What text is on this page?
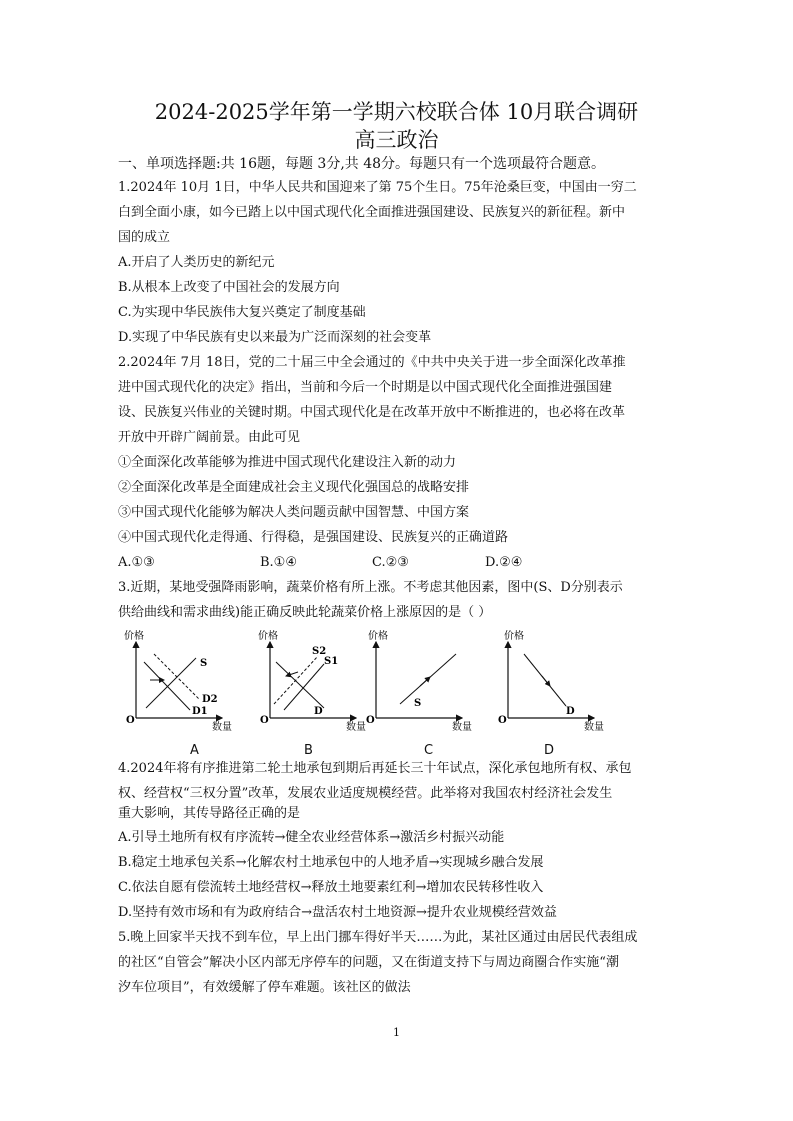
2024-2025学年第一学期六校联合体 10月联合调研
高三政治
一、单项选择题:共 16题，每题 3分,共 48分。每题只有一个选项最符合题意。
1.2024年 10月 1日，中华人民共和国迎来了第 75个生日。75年沧桑巨变，中国由一穷二
白到全面小康，如今已踏上以中国式现代化全面推进强国建设、民族复兴的新征程。新中
国的成立
A.开启了人类历史的新纪元
B.从根本上改变了中国社会的发展方向
C.为实现中华民族伟大复兴奠定了制度基础
D.实现了中华民族有史以来最为广泛而深刻的社会变革
2.2024年 7月 18日，党的二十届三中全会通过的《中共中央关于进一步全面深化改革推
进中国式现代化的决定》指出，当前和今后一个时期是以中国式现代化全面推进强国建
设、民族复兴伟业的关键时期。中国式现代化是在改革开放中不断推进的，也必将在改革
开放中开辟广阔前景。由此可见
①全面深化改革能够为推进中国式现代化建设注入新的动力
②全面深化改革是全面建成社会主义现代化强国总的战略安排
③中国式现代化能够为解决人类问题贡献中国智慧、中国方案
④中国式现代化走得通、行得稳，是强国建设、民族复兴的正确道路
A.①③	B.①④	C.②③	D.②④
3.近期，某地受强降雨影响，蔬菜价格有所上涨。不考虑其他因素，图中(S、D分别表示
供给曲线和需求曲线)能正确反映此轮蔬菜价格上涨原因的是（ ）
价格
数量
O
S
D2
D1
A
价格
数量
O
S2
S1
D
B
价格
数量
O
S
C
价格
数量
O
D
D
4.2024年将有序推进第二轮土地承包到期后再延长三十年试点，深化承包地所有权、承包
权、经营权“三权分置”改革，发展农业适度规模经营。此举将对我国农村经济社会发生
重大影响，其传导路径正确的是
A.引导土地所有权有序流转→健全农业经营体系→激活乡村振兴动能
B.稳定土地承包关系→化解农村土地承包中的人地矛盾→实现城乡融合发展
C.依法自愿有偿流转土地经营权→释放土地要素红利→增加农民转移性收入
D.坚持有效市场和有为政府结合→盘活农村土地资源→提升农业规模经营效益
5.晚上回家半天找不到车位，早上出门挪车得好半天……为此，某社区通过由居民代表组成
的社区“自管会”解决小区内部无序停车的问题，又在街道支持下与周边商圈合作实施“潮
汐车位项目”，有效缓解了停车难题。该社区的做法
1
